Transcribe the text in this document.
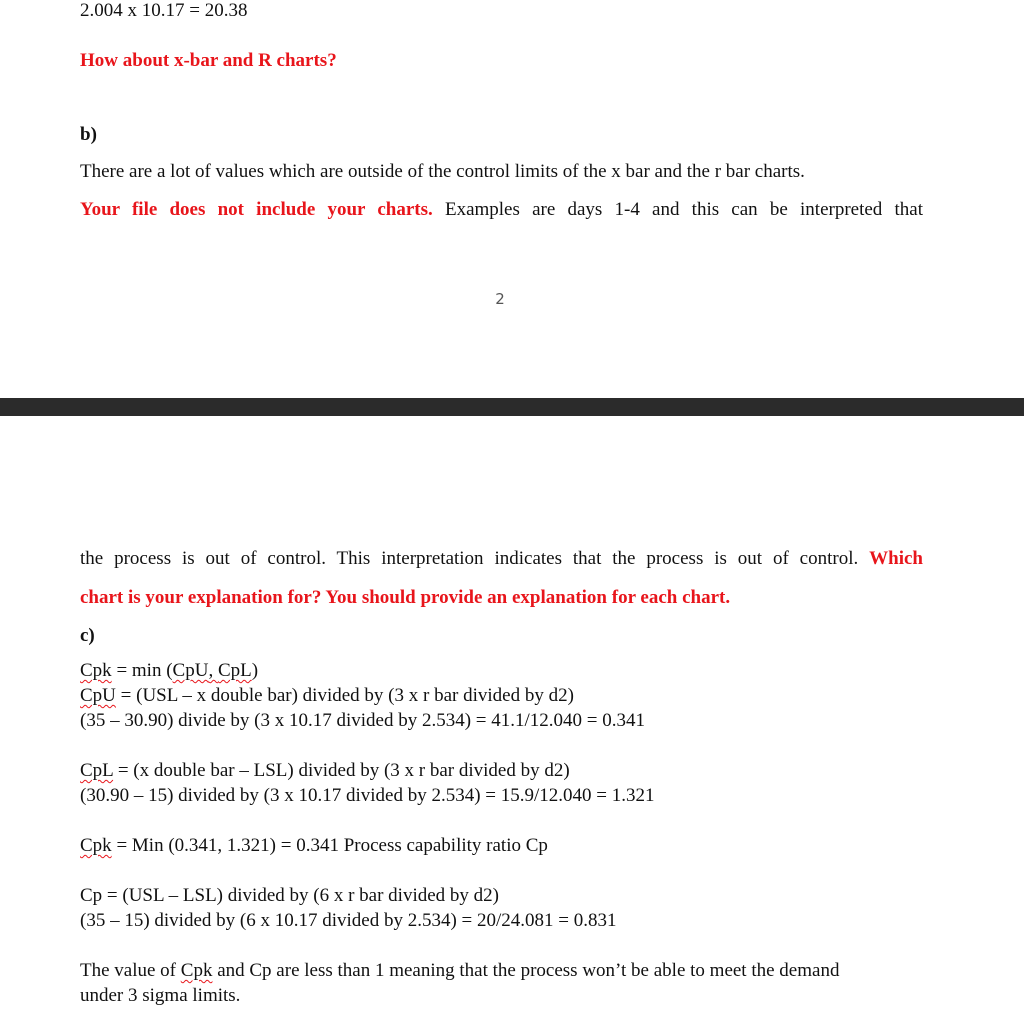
2.004 x 10.17 = 20.38
How about x-bar and R charts?
b)
There are a lot of values which are outside of the control limits of the x bar and the r bar charts.
Your file does not include your charts. Examples are days 1-4 and this can be interpreted that
2
the process is out of control. This interpretation indicates that the process is out of control. Which
chart is your explanation for? You should provide an explanation for each chart.
c)
Cpk = min (CpU, CpL)
CpU = (USL – x double bar) divided by (3 x r bar divided by d2)
(35 – 30.90) divide by (3 x 10.17 divided by 2.534) = 41.1/12.040 = 0.341
CpL = (x double bar – LSL) divided by (3 x r bar divided by d2)
(30.90 – 15) divided by (3 x 10.17 divided by 2.534) = 15.9/12.040 = 1.321
Cpk = Min (0.341, 1.321) = 0.341 Process capability ratio Cp
Cp = (USL – LSL) divided by (6 x r bar divided by d2)
(35 – 15) divided by (6 x 10.17 divided by 2.534) = 20/24.081 = 0.831
The value of Cpk and Cp are less than 1 meaning that the process won’t be able to meet the demand
under 3 sigma limits.
